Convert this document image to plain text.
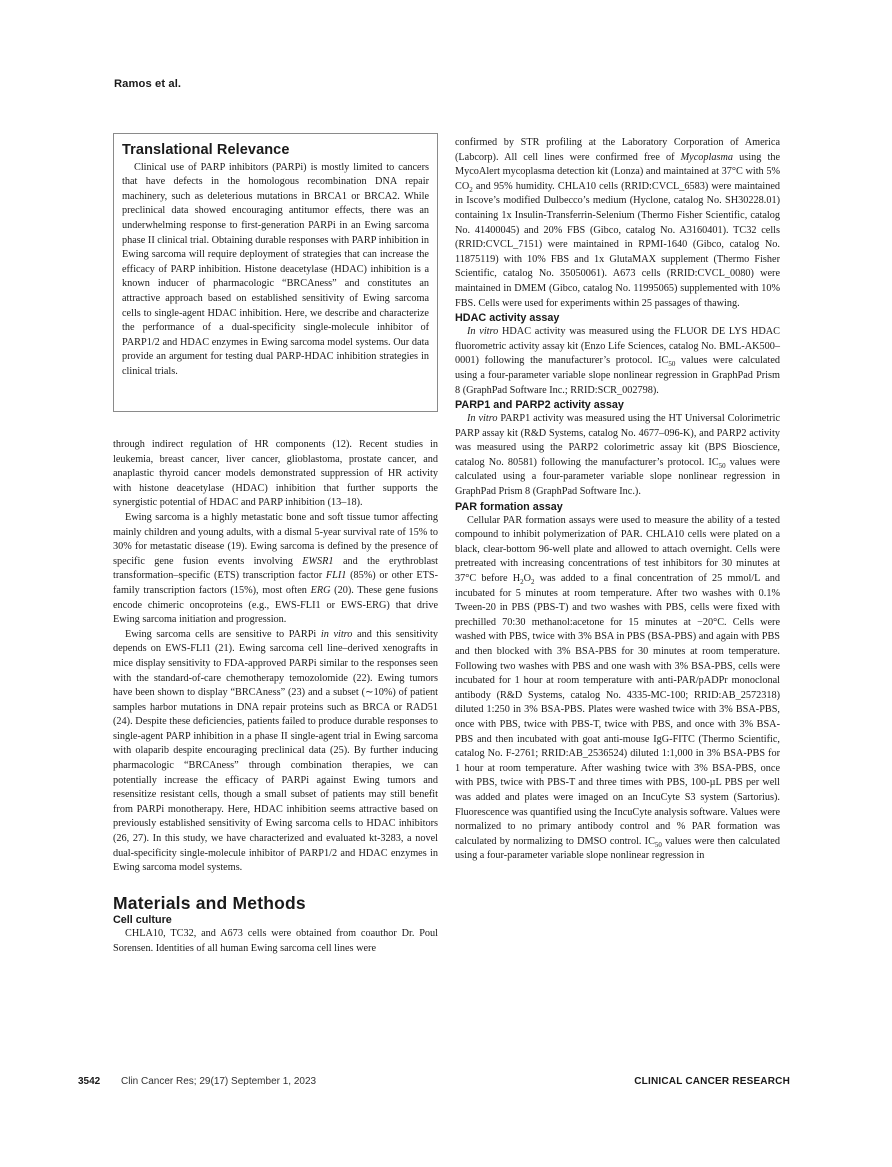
Ramos et al.
Translational Relevance

Clinical use of PARP inhibitors (PARPi) is mostly limited to cancers that have defects in the homologous recombination DNA repair machinery, such as deleterious mutations in BRCA1 or BRCA2. While preclinical data showed encouraging antitumor effects, there was an underwhelming response to first-generation PARPi in an Ewing sarcoma phase II clinical trial. Obtaining durable responses with PARP inhibition in Ewing sarcoma will require deployment of strategies that can increase the efficacy of PARP inhibition. Histone deacetylase (HDAC) inhibition is a known inducer of pharmacologic “BRCAness” and constitutes an attractive approach based on established sensitivity of Ewing sarcoma cells to single-agent HDAC inhibition. Here, we describe and characterize the performance of a dual-specificity single-molecule inhibitor of PARP1/2 and HDAC enzymes in Ewing sarcoma model systems. Our data provide an argument for testing dual PARP-HDAC inhibition strategies in clinical trials.

through indirect regulation of HR components (12). Recent studies in leukemia, breast cancer, liver cancer, glioblastoma, prostate cancer, and anaplastic thyroid cancer models demonstrated suppression of HR activity with histone deacetylase (HDAC) inhibition that further supports the synergistic potential of HDAC and PARP inhibition (13–18).

Ewing sarcoma is a highly metastatic bone and soft tissue tumor affecting mainly children and young adults, with a dismal 5-year survival rate of 15% to 30% for metastatic disease (19). Ewing sarcoma is defined by the presence of specific gene fusion events involving EWSR1 and the erythroblast transformation–specific (ETS) transcription factor FLI1 (85%) or other ETS-family transcription factors (15%), most often ERG (20). These gene fusions encode chimeric oncoproteins (e.g., EWS-FLI1 or EWS-ERG) that drive Ewing sarcoma initiation and progression.

Ewing sarcoma cells are sensitive to PARPi in vitro and this sensitivity depends on EWS-FLI1 (21). Ewing sarcoma cell line–derived xenografts in mice display sensitivity to FDA-approved PARPi similar to the responses seen with the standard-of-care chemotherapy temozolomide (22). Ewing tumors have been shown to display “BRCAness” (23) and a subset (∼10%) of patient samples harbor mutations in DNA repair proteins such as BRCA or RAD51 (24). Despite these deficiencies, patients failed to produce durable responses to single-agent PARP inhibition in a phase II single-agent trial in Ewing sarcoma with olaparib despite encouraging preclinical data (25). By further inducing pharmacologic “BRCAness” through combination therapies, we can potentially increase the efficacy of PARPi against Ewing tumors and resensitize resistant cells, though a small subset of patients may still benefit from PARPi monotherapy. Here, HDAC inhibition seems attractive based on previously established sensitivity of Ewing sarcoma cells to HDAC inhibitors (26, 27). In this study, we have characterized and evaluated kt-3283, a novel dual-specificity single-molecule inhibitor of PARP1/2 and HDAC enzymes in Ewing sarcoma model systems.

Materials and Methods
Cell culture

CHLA10, TC32, and A673 cells were obtained from coauthor Dr. Poul Sorensen. Identities of all human Ewing sarcoma cell lines were

confirmed by STR profiling at the Laboratory Corporation of America (Labcorp). All cell lines were confirmed free of Mycoplasma using the MycoAlert mycoplasma detection kit (Lonza) and maintained at 37°C with 5% $CO_2$ and 95% humidity. CHLA10 cells (RRID:CVCL_6583) were maintained in Iscove’s modified Dulbecco’s medium (Hyclone, catalog No. SH30228.01) containing 1x Insulin-Transferrin-Selenium (Thermo Fisher Scientific, catalog No. 41400045) and 20% FBS (Gibco, catalog No. A3160401). TC32 cells (RRID:CVCL_7151) were maintained in RPMI-1640 (Gibco, catalog No. 11875119) with 10% FBS and 1x GlutaMAX supplement (Thermo Fisher Scientific, catalog No. 35050061). A673 cells (RRID:CVCL_0080) were maintained in DMEM (Gibco, catalog No. 11995065) supplemented with 10% FBS. Cells were used for experiments within 25 passages of thawing.

HDAC activity assay

In vitro HDAC activity was measured using the FLUOR DE LYS HDAC fluorometric activity assay kit (Enzo Life Sciences, catalog No. BML-AK500–0001) following the manufacturer’s protocol. $IC_{50}$ values were calculated using a four-parameter variable slope nonlinear regression in GraphPad Prism 8 (GraphPad Software Inc.; RRID:SCR_002798).

PARP1 and PARP2 activity assay

In vitro PARP1 activity was measured using the HT Universal Colorimetric PARP assay kit (R&D Systems, catalog No. 4677–096-K), and PARP2 activity was measured using the PARP2 colorimetric assay kit (BPS Bioscience, catalog No. 80581) following the manufacturer’s protocol. $IC_{50}$ values were calculated using a four-parameter variable slope nonlinear regression in GraphPad Prism 8 (GraphPad Software Inc.).

PAR formation assay

Cellular PAR formation assays were used to measure the ability of a tested compound to inhibit polymerization of PAR. CHLA10 cells were plated on a black, clear-bottom 96-well plate and allowed to attach overnight. Cells were pretreated with increasing concentrations of test inhibitors for 30 minutes at 37°C before $H_2O_2$ was added to a final concentration of 25 mmol/L and incubated for 5 minutes at room temperature. After two washes with 0.1% Tween-20 in PBS (PBS-T) and two washes with PBS, cells were fixed with prechilled 70:30 methanol:acetone for 15 minutes at −20°C. Cells were washed with PBS, twice with 3% BSA in PBS (BSA-PBS) and again with PBS and then blocked with 3% BSA-PBS for 30 minutes at room temperature. Following two washes with PBS and one wash with 3% BSA-PBS, cells were incubated for 1 hour at room temperature with anti-PAR/pADPr monoclonal antibody (R&D Systems, catalog No. 4335-MC-100; RRID:AB_2572318) diluted 1:250 in 3% BSA-PBS. Plates were washed twice with 3% BSA-PBS, once with PBS, twice with PBS-T, twice with PBS, and once with 3% BSA-PBS and then incubated with goat anti-mouse IgG-FITC (Thermo Scientific, catalog No. F-2761; RRID:AB_2536524) diluted 1:1,000 in 3% BSA-PBS for 1 hour at room temperature. After washing twice with 3% BSA-PBS, once with PBS, twice with PBS-T and three times with PBS, 100-µL PBS per well was added and plates were imaged on an IncuCyte S3 system (Sartorius). Fluorescence was quantified using the IncuCyte analysis software. Values were normalized to no primary antibody control and % PAR formation was calculated by normalizing to DMSO control. $IC_{50}$ values were then calculated using a four-parameter variable slope nonlinear regression in

3542 Clin Cancer Res; 29(17) September 1, 2023	CLINICAL CANCER RESEARCH
